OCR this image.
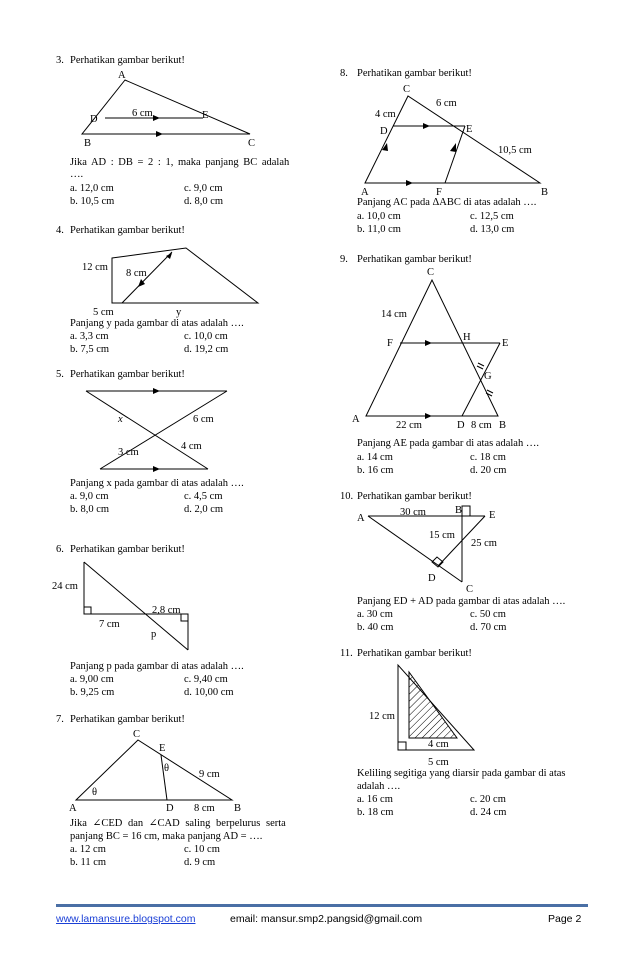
3. Perhatikan gambar berikut!
A
D	E
B	C
6 cm
Jika AD : DB = 2 : 1, maka panjang BC adalah
….
a. 12,0 cm
b. 10,5 cm
c. 9,0 cm
d. 8,0 cm
4. Perhatikan gambar berikut!
12 cm
8 cm
5 cm	y
Panjang y pada gambar di atas adalah ….
a. 3,3 cm
b. 7,5 cm
c. 10,0 cm
d. 19,2 cm
5. Perhatikan gambar berikut!
x	6 cm
3 cm
4 cm
Panjang x pada gambar di atas adalah ….
a. 9,0 cm
b. 8,0 cm
c. 4,5 cm
d. 2,0 cm
6. Perhatikan gambar berikut!
24 cm
7 cm
2,8 cm
p
Panjang p pada gambar di atas adalah ….
a. 9,00 cm
b. 9,25 cm
c. 9,40 cm
d. 10,00 cm
7. Perhatikan gambar berikut!
C
E
θ
θ
9 cm
A	D 8 cm B
Jika ∠CED dan ∠CAD saling berpelurus serta
panjang BC = 16 cm, maka panjang AD = ….
a. 12 cm
b. 11 cm
c. 10 cm
d. 9 cm
8. Perhatikan gambar berikut!
C
4 cm
6 cm
D	E
10,5 cm
A	F	B
Panjang AC pada ΔABC di atas adalah ….
a. 10,0 cm
b. 11,0 cm
c. 12,5 cm
d. 13,0 cm
9. Perhatikan gambar berikut!
C
14 cm
F
H
E
G
A
22 cm	D 8 cm B
Panjang AE pada gambar di atas adalah ….
a. 14 cm
b. 16 cm
c. 18 cm
d. 20 cm
10. Perhatikan gambar berikut!
A
30 cm	B	E
15 cm
25 cm
D
C
Panjang ED + AD pada gambar di atas adalah ….
a. 30 cm
b. 40 cm
c. 50 cm
d. 70 cm
11. Perhatikan gambar berikut!
12 cm
4 cm
5 cm
Keliling segitiga yang diarsir pada gambar di atas
adalah ….
a. 16 cm
b. 18 cm
c. 20 cm
d. 24 cm
www.lamansure.blogspot.com	email: mansur.smp2.pangsid@gmail.com	Page 2
